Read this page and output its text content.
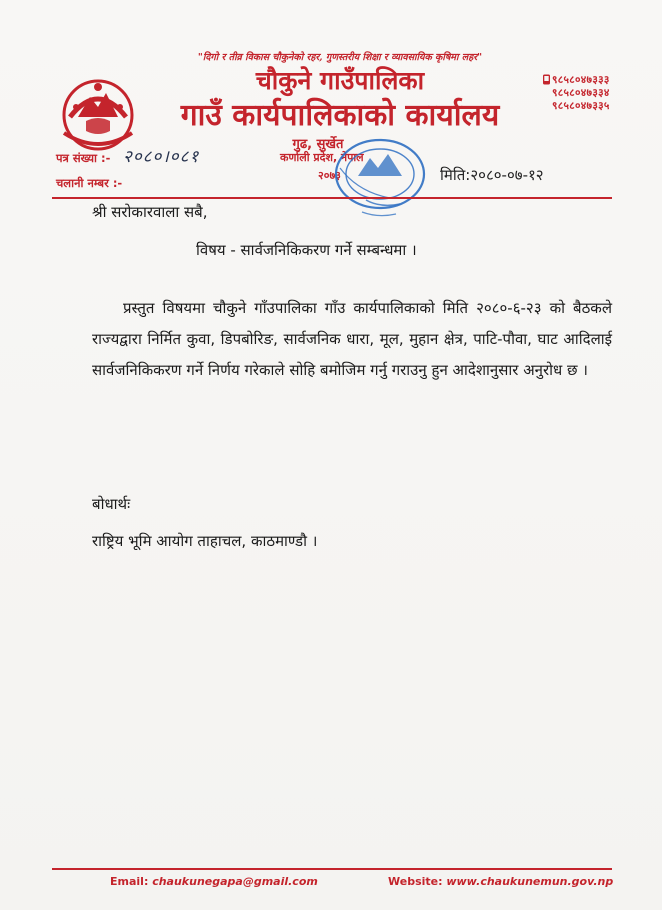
"दिगो र तीव्र विकास चौकुनेको रहर, गुणस्तरीय शिक्षा र व्यावसायिक कृषिमा लहर"
चौकुने गाउँपालिका
गाउँ कार्यपालिकाको कार्यालय
गुढ, सुर्खेत
कर्णाली प्रदेश, नेपाल
२०७३
९८५८०४७३३३
९८५८०४७३३४
९८५८०४७३३५
पत्र संख्या :- २०८०।०८१
चलानी नम्बर :-	मिति:२०८०-०७-१२
श्री सरोकारवाला सबै,
विषय - सार्वजनिकिकरण गर्ने सम्बन्धमा ।

प्रस्तुत विषयमा चौकुने गाँउपालिका गाँउ कार्यपालिकाको मिति २०८०-६-२३ को बैठकले राज्यद्वारा निर्मित कुवा, डिपबोरिङ, सार्वजनिक धारा, मूल, मुहान क्षेत्र, पाटि-पौवा, घाट आदिलाई सार्वजनिकिकरण गर्ने निर्णय गरेकाले सोहि बमोजिम गर्नु गराउनु हुन आदेशानुसार अनुरोध छ ।

बोधार्थः
राष्ट्रिय भूमि आयोग ताहाचल, काठमाण्डौ ।
Email: chaukunegapa@gmail.com	Website: www.chaukunemun.gov.np
